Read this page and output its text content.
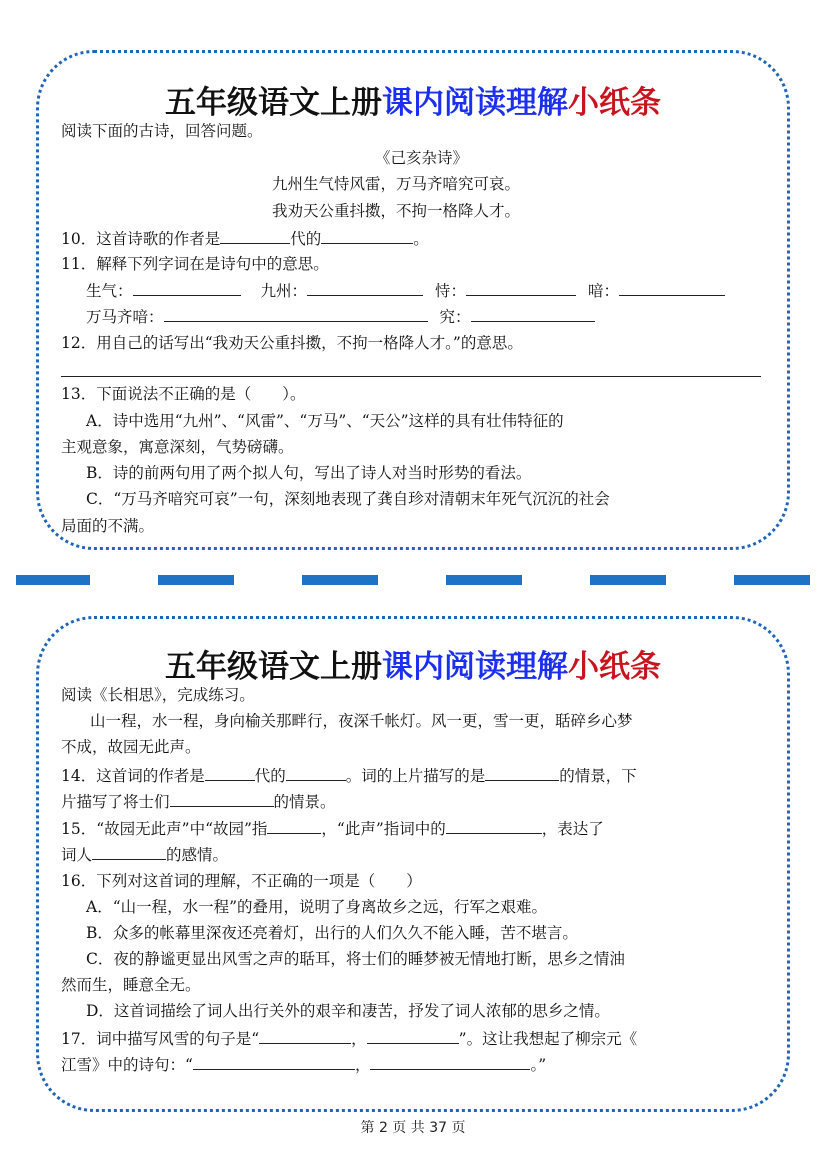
五年级语文上册课内阅读理解小纸条
阅读下面的古诗，回答问题。
《己亥杂诗》
九州生气恃风雷，万马齐喑究可哀。
我劝天公重抖擞，不拘一格降人才。
10．这首诗歌的作者是	代的	。
11．解释下列字词在是诗句中的意思。
生气：	九州：	恃：	喑：
万马齐喑：	究：
12．用自己的话写出“我劝天公重抖擞，不拘一格降人才。”的意思。
13．下面说法不正确的是（　　）。
A．诗中选用“九州”、“风雷”、“万马”、“天公”这样的具有壮伟特征的
主观意象，寓意深刻，气势磅礴。
B．诗的前两句用了两个拟人句，写出了诗人对当时形势的看法。
C．“万马齐喑究可哀”一句，深刻地表现了龚自珍对清朝末年死气沉沉的社会
局面的不满。
五年级语文上册课内阅读理解小纸条
阅读《长相思》，完成练习。
山一程，水一程，身向榆关那畔行，夜深千帐灯。风一更，雪一更，聒碎乡心梦
不成，故园无此声。
14．这首词的作者是	代的	。词的上片描写的是	的情景，下
片描写了将士们	的情景。
15．“故园无此声”中“故园”指	，“此声”指词中的	，表达了
词人	的感情。
16．下列对这首词的理解，不正确的一项是（　　）
A．“山一程，水一程”的叠用，说明了身离故乡之远，行军之艰难。
B．众多的帐幕里深夜还亮着灯，出行的人们久久不能入睡，苦不堪言。
C．夜的静谧更显出风雪之声的聒耳，将士们的睡梦被无情地打断，思乡之情油
然而生，睡意全无。
D．这首词描绘了词人出行关外的艰辛和凄苦，抒发了词人浓郁的思乡之情。
17．词中描写风雪的句子是“	，	”。这让我想起了柳宗元《
江雪》中的诗句：“	，	。”
第 2 页 共 37 页
